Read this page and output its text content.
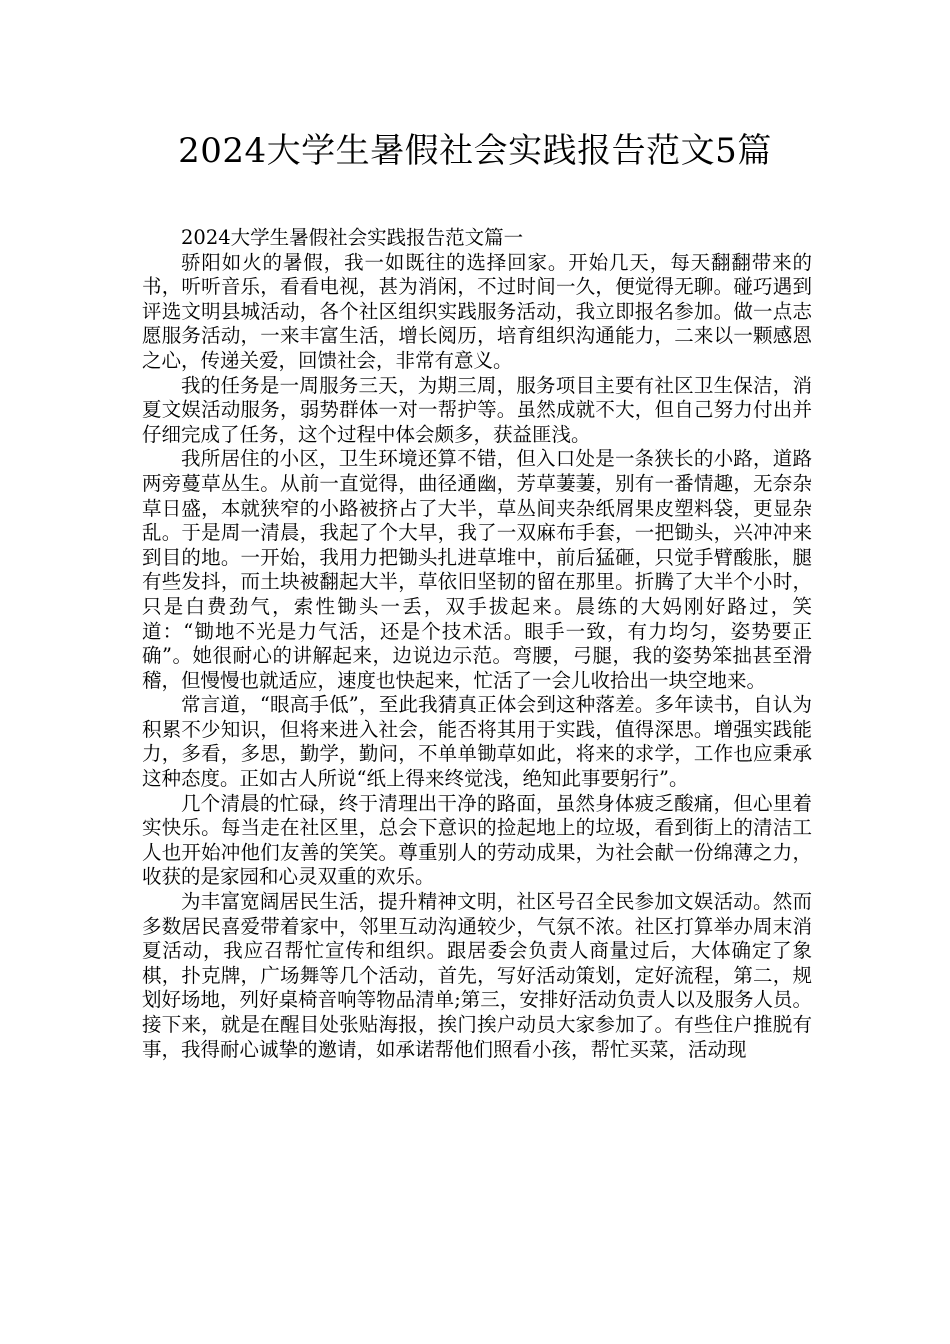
2024大学生暑假社会实践报告范文5篇

2024大学生暑假社会实践报告范文篇一

骄阳如火的暑假，我一如既往的选择回家。开始几天，每天翻翻带来的书，听听音乐，看看电视，甚为消闲，不过时间一久，便觉得无聊。碰巧遇到评选文明县城活动，各个社区组织实践服务活动，我立即报名参加。做一点志愿服务活动，一来丰富生活，增长阅历，培育组织沟通能力，二来以一颗感恩之心，传递关爱，回馈社会，非常有意义。

我的任务是一周服务三天，为期三周，服务项目主要有社区卫生保洁，消夏文娱活动服务，弱势群体一对一帮护等。虽然成就不大，但自己努力付出并仔细完成了任务，这个过程中体会颇多，获益匪浅。

我所居住的小区，卫生环境还算不错，但入口处是一条狭长的小路，道路两旁蔓草丛生。从前一直觉得，曲径通幽，芳草萋萋，别有一番情趣，无奈杂草日盛，本就狭窄的小路被挤占了大半，草丛间夹杂纸屑果皮塑料袋，更显杂乱。于是周一清晨，我起了个大早，我了一双麻布手套，一把锄头，兴冲冲来到目的地。一开始，我用力把锄头扎进草堆中，前后猛砸，只觉手臂酸胀，腿有些发抖，而土块被翻起大半，草依旧坚韧的留在那里。折腾了大半个小时，只是白费劲气，索性锄头一丢，双手拔起来。晨练的大妈刚好路过，笑道：“锄地不光是力气活，还是个技术活。眼手一致，有力均匀，姿势要正确”。她很耐心的讲解起来，边说边示范。弯腰，弓腿，我的姿势笨拙甚至滑稽，但慢慢也就适应，速度也快起来，忙活了一会儿收拾出一块空地来。

常言道，“眼高手低”，至此我猜真正体会到这种落差。多年读书，自认为积累不少知识，但将来进入社会，能否将其用于实践，值得深思。增强实践能力，多看，多思，勤学，勤问，不单单锄草如此，将来的求学，工作也应秉承这种态度。正如古人所说“纸上得来终觉浅，绝知此事要躬行”。

几个清晨的忙碌，终于清理出干净的路面，虽然身体疲乏酸痛，但心里着实快乐。每当走在社区里，总会下意识的捡起地上的垃圾，看到街上的清洁工人也开始冲他们友善的笑笑。尊重别人的劳动成果，为社会献一份绵薄之力，收获的是家园和心灵双重的欢乐。

为丰富宽阔居民生活，提升精神文明，社区号召全民参加文娱活动。然而多数居民喜爱带着家中，邻里互动沟通较少，气氛不浓。社区打算举办周末消夏活动，我应召帮忙宣传和组织。跟居委会负责人商量过后，大体确定了象棋，扑克牌，广场舞等几个活动，首先，写好活动策划，定好流程，第二，规划好场地，列好桌椅音响等物品清单;第三，安排好活动负责人以及服务人员。接下来，就是在醒目处张贴海报，挨门挨户动员大家参加了。有些住户推脱有事，我得耐心诚挚的邀请，如承诺帮他们照看小孩，帮忙买菜，活动现
